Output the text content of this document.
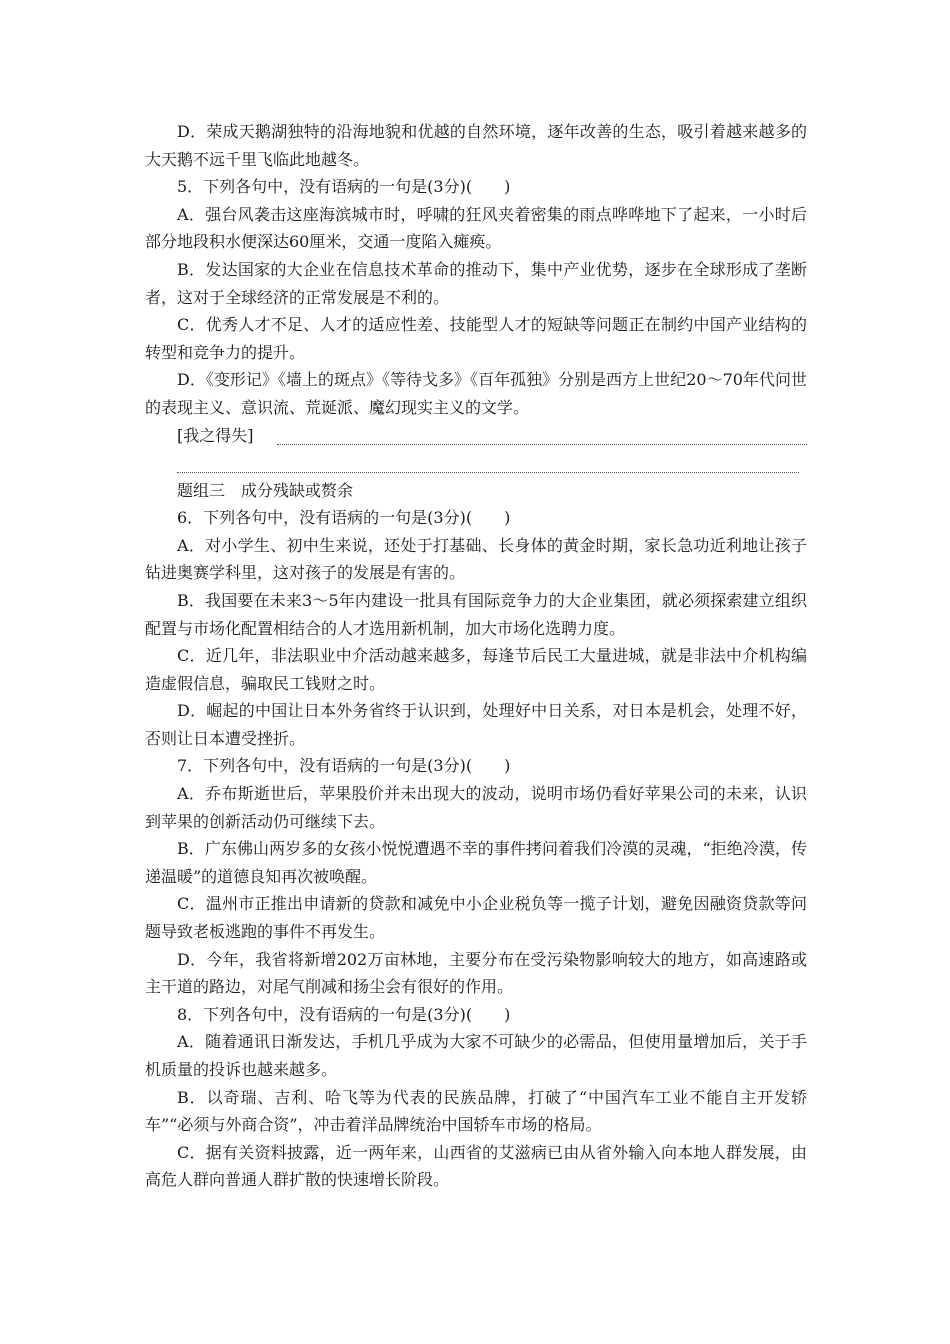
D．荣成天鹅湖独特的沿海地貌和优越的自然环境，逐年改善的生态，吸引着越来越多的大天鹅不远千里飞临此地越冬。

5．下列各句中，没有语病的一句是(3分)(　　)

A．强台风袭击这座海滨城市时，呼啸的狂风夹着密集的雨点哗哗地下了起来，一小时后部分地段积水便深达60厘米，交通一度陷入瘫痪。

B．发达国家的大企业在信息技术革命的推动下，集中产业优势，逐步在全球形成了垄断者，这对于全球经济的正常发展是不利的。

C．优秀人才不足、人才的适应性差、技能型人才的短缺等问题正在制约中国产业结构的转型和竞争力的提升。

D．《变形记》《墙上的斑点》《等待戈多》《百年孤独》分别是西方上世纪20～70年代问世的表现主义、意识流、荒诞派、魔幻现实主义的文学。

[我之得失]

题组三　成分残缺或赘余

6．下列各句中，没有语病的一句是(3分)(　　)

A．对小学生、初中生来说，还处于打基础、长身体的黄金时期，家长急功近利地让孩子钻进奥赛学科里，这对孩子的发展是有害的。

B．我国要在未来3～5年内建设一批具有国际竞争力的大企业集团，就必须探索建立组织配置与市场化配置相结合的人才选用新机制，加大市场化选聘力度。

C．近几年，非法职业中介活动越来越多，每逢节后民工大量进城，就是非法中介机构编造虚假信息，骗取民工钱财之时。

D．崛起的中国让日本外务省终于认识到，处理好中日关系，对日本是机会，处理不好，否则让日本遭受挫折。

7．下列各句中，没有语病的一句是(3分)(　　)

A．乔布斯逝世后，苹果股价并未出现大的波动，说明市场仍看好苹果公司的未来，认识到苹果的创新活动仍可继续下去。

B．广东佛山两岁多的女孩小悦悦遭遇不幸的事件拷问着我们冷漠的灵魂，“拒绝冷漠，传递温暖”的道德良知再次被唤醒。

C．温州市正推出申请新的贷款和减免中小企业税负等一揽子计划，避免因融资贷款等问题导致老板逃跑的事件不再发生。

D．今年，我省将新增202万亩林地，主要分布在受污染物影响较大的地方，如高速路或主干道的路边，对尾气削减和扬尘会有很好的作用。

8．下列各句中，没有语病的一句是(3分)(　　)

A．随着通讯日渐发达，手机几乎成为大家不可缺少的必需品，但使用量增加后，关于手机质量的投诉也越来越多。

B．以奇瑞、吉利、哈飞等为代表的民族品牌，打破了“中国汽车工业不能自主开发轿车”“必须与外商合资”，冲击着洋品牌统治中国轿车市场的格局。

C．据有关资料披露，近一两年来，山西省的艾滋病已由从省外输入向本地人群发展，由高危人群向普通人群扩散的快速增长阶段。
